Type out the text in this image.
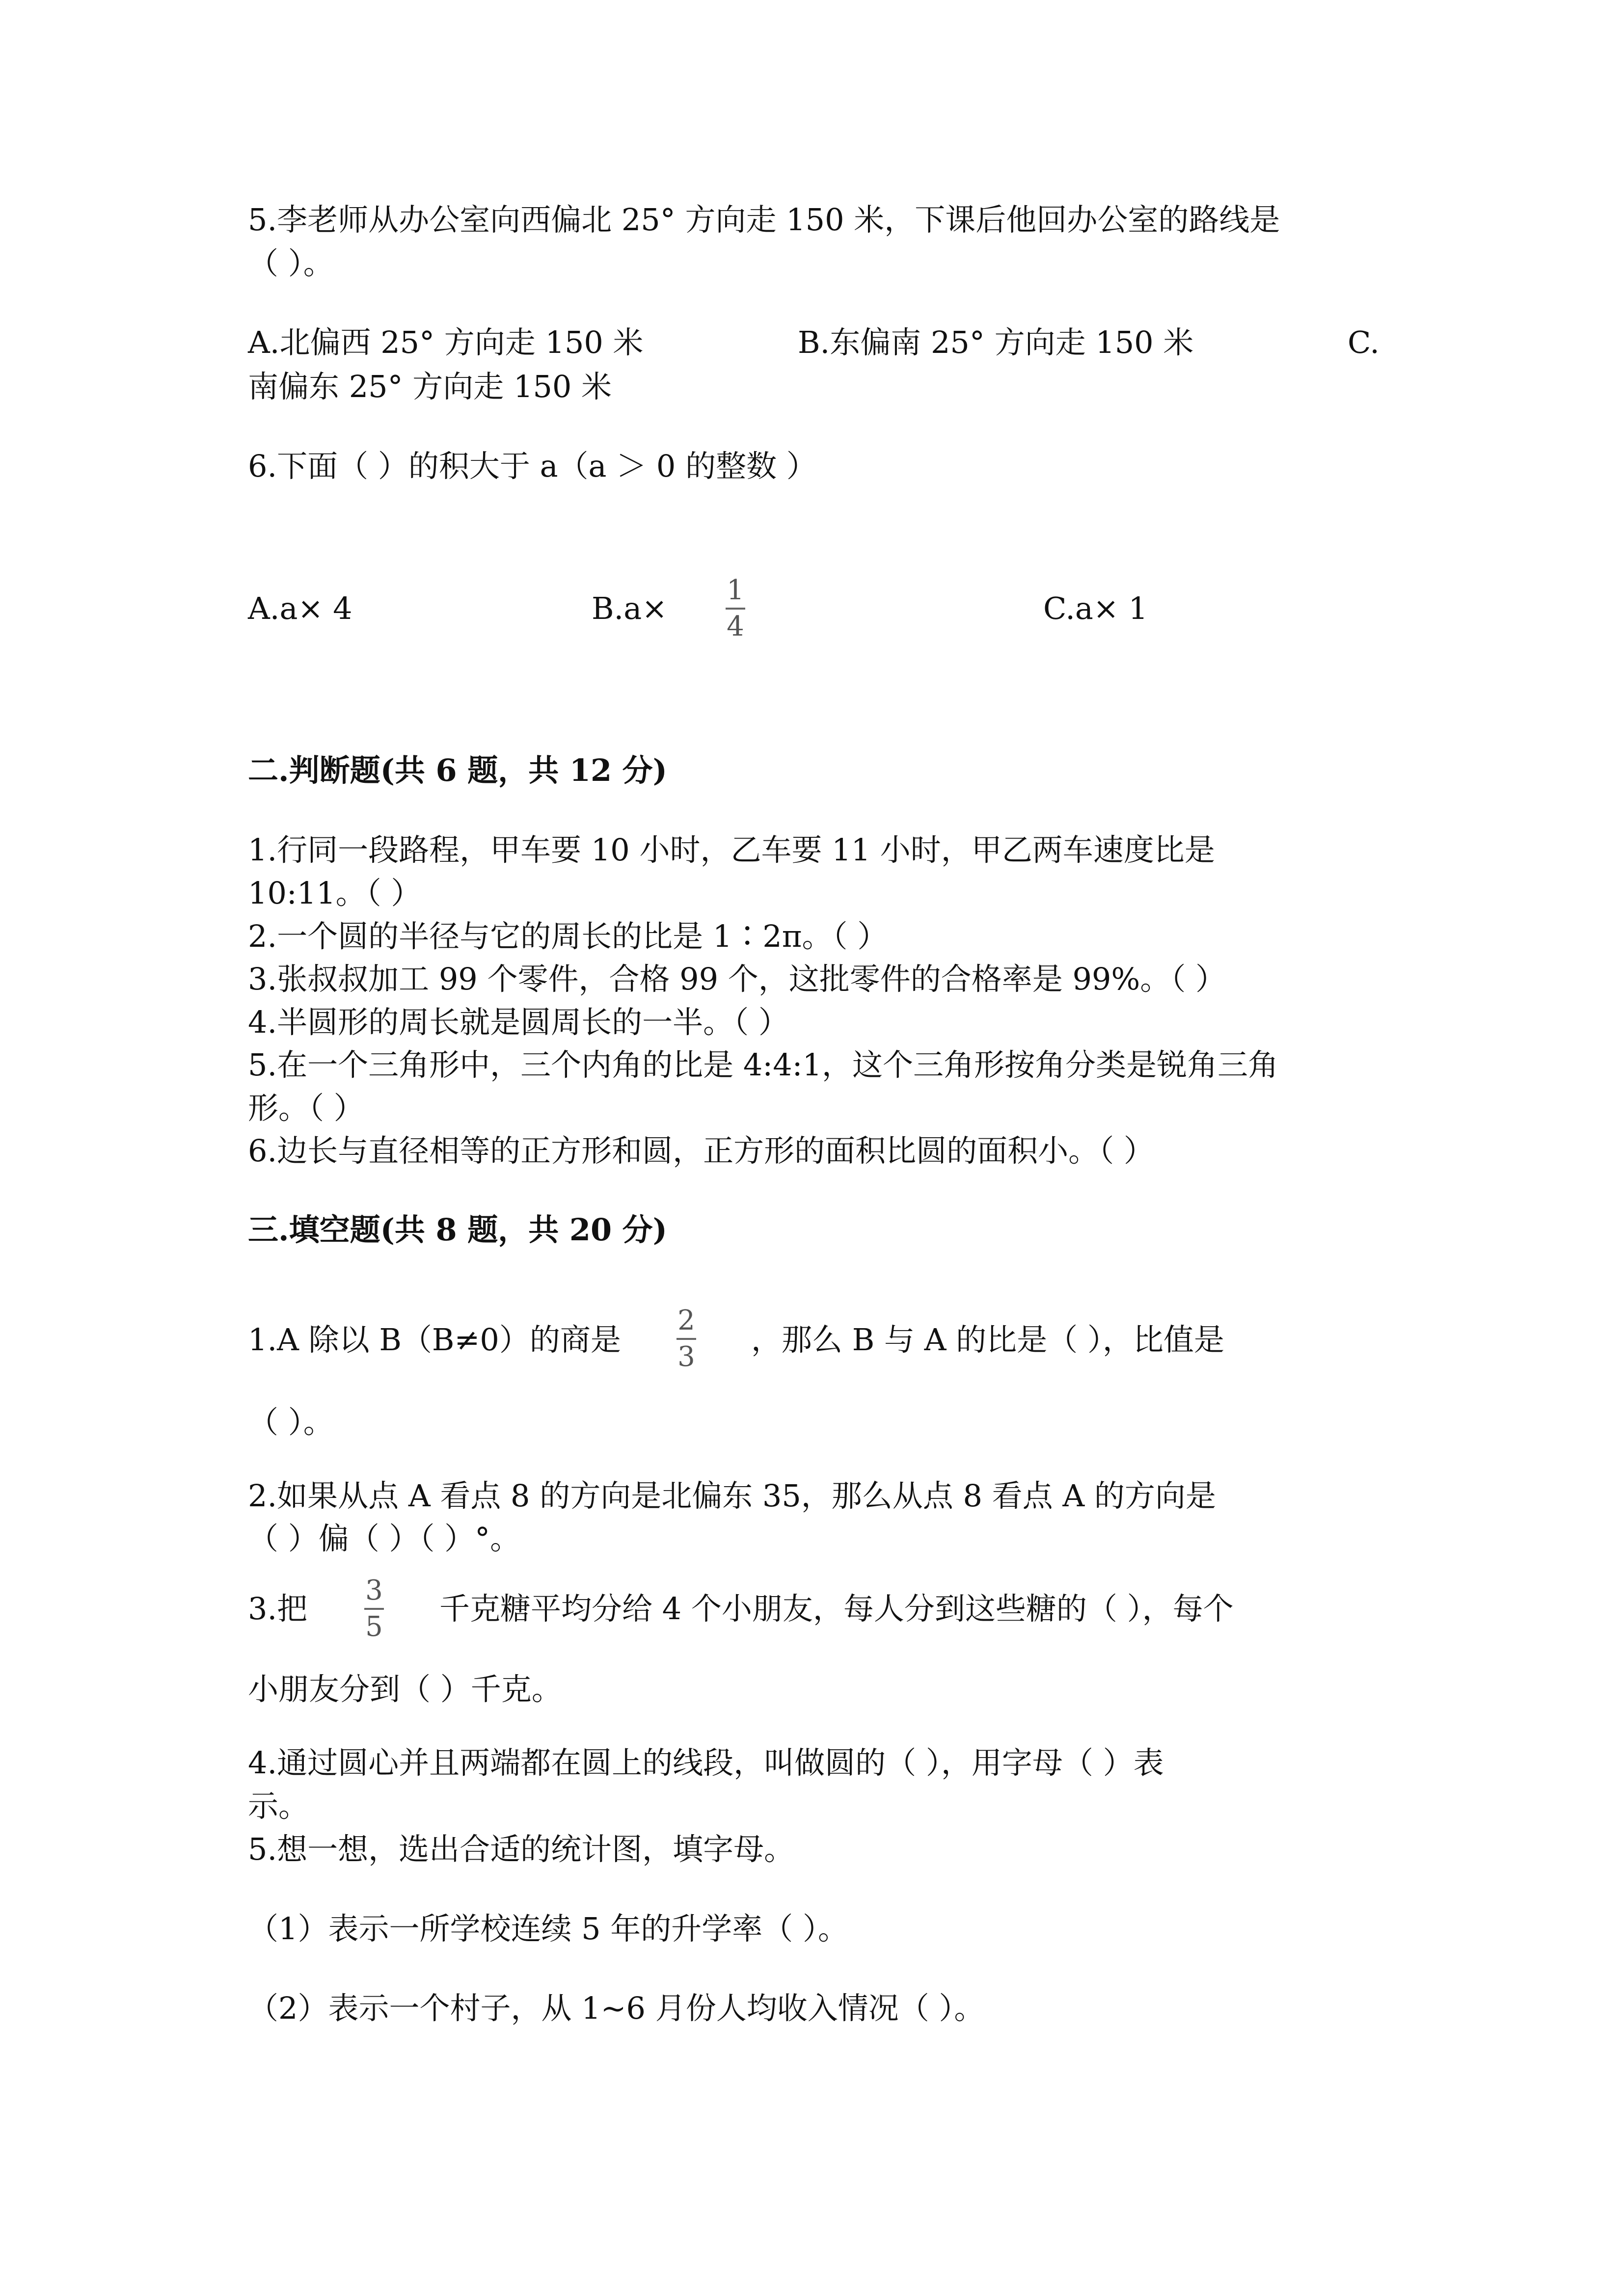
5.李老师从办公室向西偏北 25° 方向走 150 米，下课后他回办公室的路线是
（ ）。
A.北偏西 25° 方向走 150 米	B.东偏南 25° 方向走 150 米	C.
南偏东 25° 方向走 150 米
6.下面（ ）的积大于 a（a ＞ 0 的整数 ）
A.a× 4	B.a×
1
4
C.a× 1
二.判断题(共 6 题，共 12 分)
1.行同一段路程，甲车要 10 小时，乙车要 11 小时，甲乙两车速度比是
10:11。（ ）
2.一个圆的半径与它的周长的比是 1∶2π。（ ）
3.张叔叔加工 99 个零件，合格 99 个，这批零件的合格率是 99%。（ ）
4.半圆形的周长就是圆周长的一半。（ ）
5.在一个三角形中，三个内角的比是 4:4:1，这个三角形按角分类是锐角三角
形。（ ）
6.边长与直径相等的正方形和圆，正方形的面积比圆的面积小。（ ）
三.填空题(共 8 题，共 20 分)
1.A 除以 B（B≠0）的商是
2
3 ，那么 B 与 A 的比是（ ），比值是
（ ）。
2.如果从点 A 看点 8 的方向是北偏东 35，那么从点 8 看点 A 的方向是
（ ）偏（ ）（ ）°。
3.把
3
5
千克糖平均分给 4 个小朋友，每人分到这些糖的（ ），每个
小朋友分到（ ）千克。
4.通过圆心并且两端都在圆上的线段，叫做圆的（ ），用字母（ ）表
示。
5.想一想，选出合适的统计图，填字母。
（1）表示一所学校连续 5 年的升学率（ ）。
（2）表示一个村子，从 1~6 月份人均收入情况（ ）。
